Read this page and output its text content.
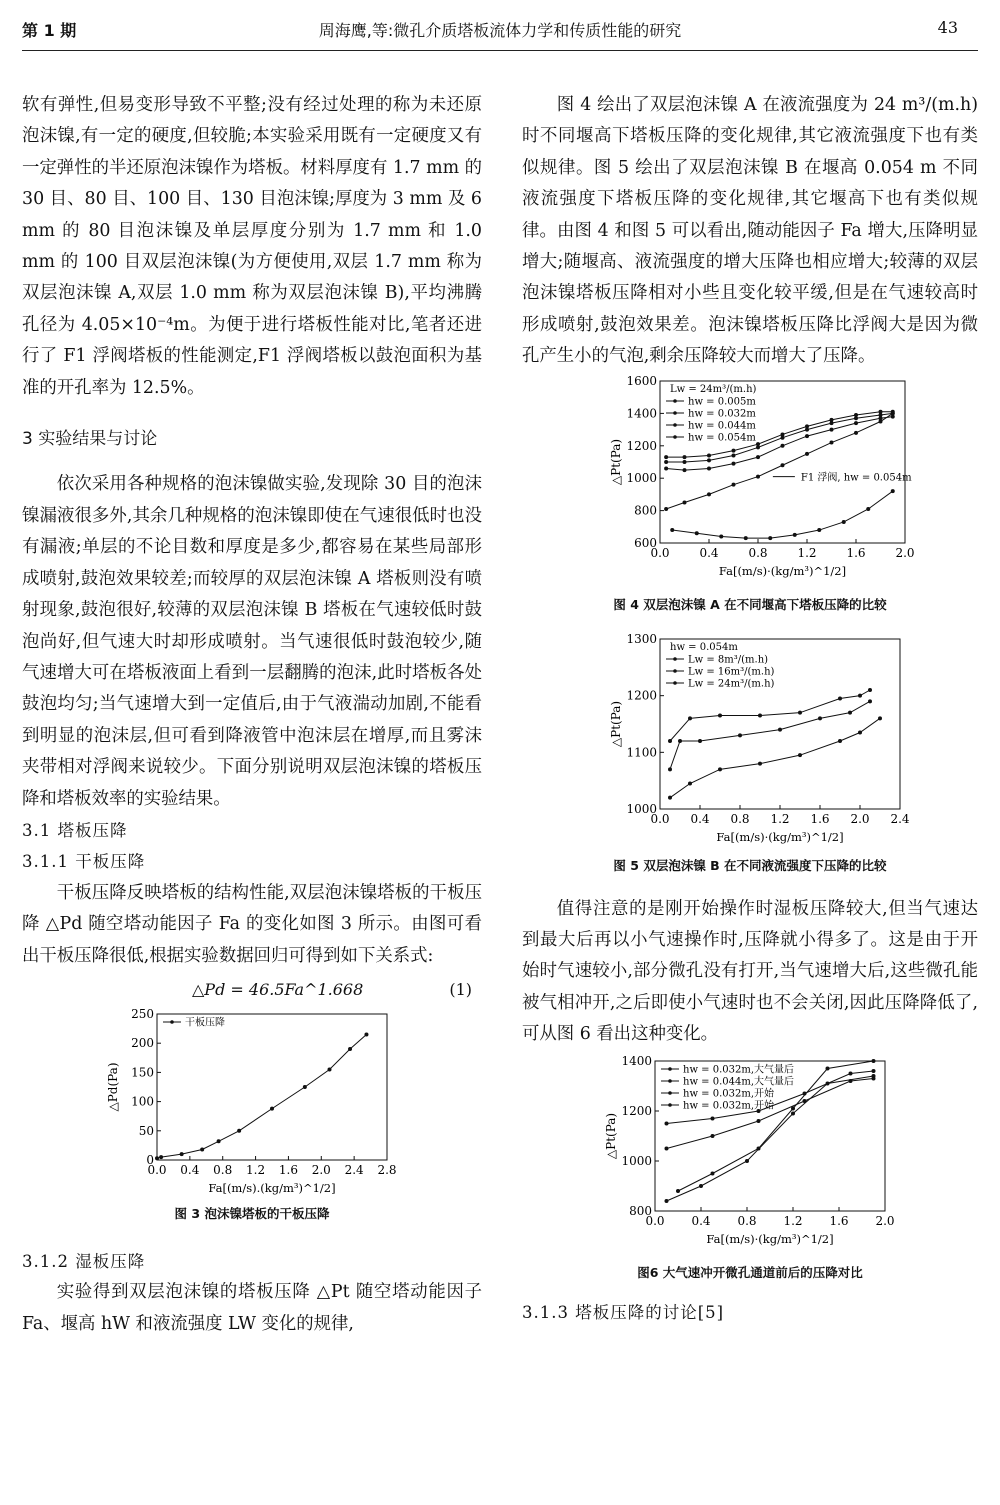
第 1 期	周海鹰,等:微孔介质塔板流体力学和传质性能的研究	43

软有弹性,但易变形导致不平整;没有经过处理的称为未还原泡沫镍,有一定的硬度,但较脆;本实验采用既有一定硬度又有一定弹性的半还原泡沫镍作为塔板。材料厚度有 1.7 mm 的 30 目、80 目、100 目、130 目泡沫镍;厚度为 3 mm 及 6 mm 的 80 目泡沫镍及单层厚度分别为 1.7 mm 和 1.0 mm 的 100 目双层泡沫镍(为方便使用,双层 1.7 mm 称为双层泡沫镍 A,双层 1.0 mm 称为双层泡沫镍 B),平均沸腾孔径为 4.05×10⁻⁴m。为便于进行塔板性能对比,笔者还进行了 F1 浮阀塔板的性能测定,F1 浮阀塔板以鼓泡面积为基准的开孔率为 12.5%。

3 实验结果与讨论

依次采用各种规格的泡沫镍做实验,发现除 30 目的泡沫镍漏液很多外,其余几种规格的泡沫镍即使在气速很低时也没有漏液;单层的不论目数和厚度是多少,都容易在某些局部形成喷射,鼓泡效果较差;而较厚的双层泡沫镍 A 塔板则没有喷射现象,鼓泡很好,较薄的双层泡沫镍 B 塔板在气速较低时鼓泡尚好,但气速大时却形成喷射。当气速很低时鼓泡较少,随气速增大可在塔板液面上看到一层翻腾的泡沫,此时塔板各处鼓泡均匀;当气速增大到一定值后,由于气液湍动加剧,不能看到明显的泡沫层,但可看到降液管中泡沫层在增厚,而且雾沫夹带相对浮阀来说较少。下面分别说明双层泡沫镍的塔板压降和塔板效率的实验结果。

3.1 塔板压降

3.1.1 干板压降

干板压降反映塔板的结构性能,双层泡沫镍塔板的干板压降 △Pd 随空塔动能因子 Fa 的变化如图 3 所示。由图可看出干板压降很低,根据实验数据回归可得到如下关系式:

△Pd = 46.5Fa^1.668	(1)
0.0 0.4 0.8 1.2 1.6 2.0 2.4 2.8
0
50
100
150
200
250
Fa[(m/s).(kg/m³)^1/2]
△Pd(Pa)
干板压降

图 3 泡沫镍塔板的干板压降

3.1.2 湿板压降

实验得到双层泡沫镍的塔板压降 △Pt 随空塔动能因子 Fa、堰高 hW 和液流强度 LW 变化的规律,

图 4 绘出了双层泡沫镍 A 在液流强度为 24 m³/(m.h) 时不同堰高下塔板压降的变化规律,其它液流强度下也有类似规律。图 5 绘出了双层泡沫镍 B 在堰高 0.054 m 不同液流强度下塔板压降的变化规律,其它堰高下也有类似规律。由图 4 和图 5 可以看出,随动能因子 Fa 增大,压降明显增大;随堰高、液流强度的增大压降也相应增大;较薄的双层泡沫镍塔板压降相对小些且变化较平缓,但是在气速较高时形成喷射,鼓泡效果差。泡沫镍塔板压降比浮阀大是因为微孔产生小的气泡,剩余压降较大而增大了压降。

0.0 0.4 0.8 1.2 1.6 2.0
600
800
1000
1200
1400
1600
Fa[(m/s)·(kg/m³)^1/2]
△Pt(Pa)
Lw = 24m³/(m.h)
hw = 0.005m
hw = 0.032m
hw = 0.044m
hw = 0.054m
F1 浮阀, hw = 0.054m

图 4 双层泡沫镍 A 在不同堰高下塔板压降的比较

0.0 0.4 0.8 1.2 1.6 2.0 2.4
1000
1100
1200
1300
Fa[(m/s)·(kg/m³)^1/2]
△Pt(Pa)
hw = 0.054m
Lw = 8m³/(m.h)
Lw = 16m³/(m.h)
Lw = 24m³/(m.h)

图 5 双层泡沫镍 B 在不同液流强度下压降的比较

值得注意的是刚开始操作时湿板压降较大,但当气速达到最大后再以小气速操作时,压降就小得多了。这是由于开始时气速较小,部分微孔没有打开,当气速增大后,这些微孔能被气相冲开,之后即使小气速时也不会关闭,因此压降降低了,可从图 6 看出这种变化。

0.0 0.4 0.8 1.2 1.6 2.0
800
1000
1200
1400
Fa[(m/s)·(kg/m³)^1/2]
△Pt(Pa)
hw = 0.032m,大气量后
hw = 0.044m,大气量后
hw = 0.032m,开始
hw = 0.032m,开始

图6 大气速冲开微孔通道前后的压降对比

3.1.3 塔板压降的讨论[5]
